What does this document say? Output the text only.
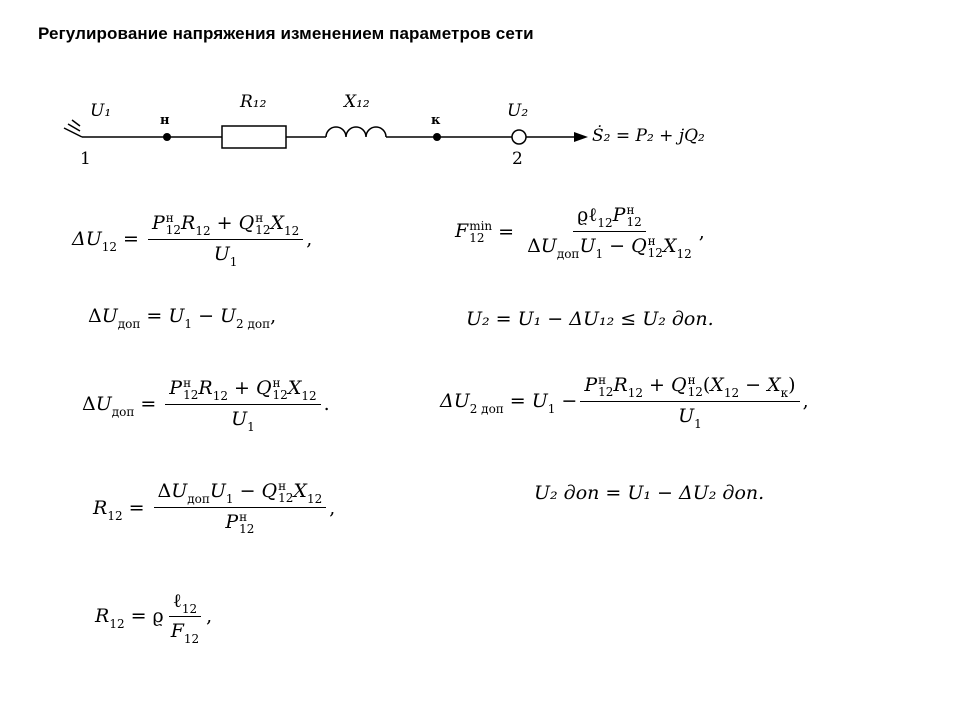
Регулирование напряжения изменением параметров сети
U₁
1
н	к
R₁₂	X₁₂	U₂
2
Ṡ₂ = P₂ + jQ₂
$\Delta U_{12} = P$ н
12 $R_{12} + Q$ н
12 $X_{12}$
$U_1$ ,	F min
12 = ϱℓ$_{12}$P н
12
$\Delta U_{доп}U_1 - Q$ н
12 $X_{12}$ ,
$\Delta U_{доп} = U_1 - U_{2 доп}$,	U₂ = U₁ − ΔU₁₂ ≤ U₂ доп.
$\Delta U_{доп} = P$ н
12 $R_{12} + Q$ н
12 $X_{12}$
$U_1$ .	$\Delta U_{2 доп} = U_1 - P$ н
12 $R_{12} + Q$ н
12 $(X_{12} - X_к)$
$U_1$ ,
$R_{12} = \Delta U_{доп}U_1 - Q$ н
12 $X_{12}$
P н
12 ,
U₂ доп = U₁ − ΔU₂ доп.
$R_{12} = ϱ \frac{\ell_{12}}{F_{12}}$ ,
